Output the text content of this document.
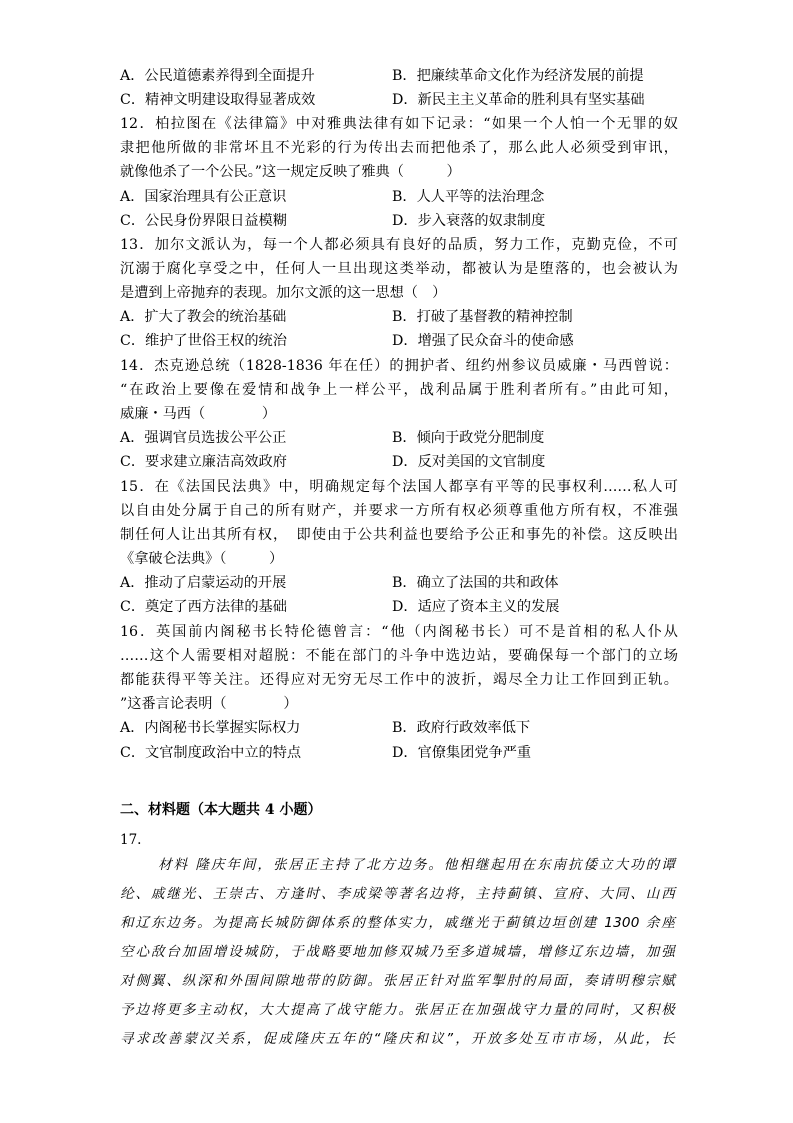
A．公民道德素养得到全面提升	B．把廉续革命文化作为经济发展的前提
C．精神文明建设取得显著成效	D．新民主主义革命的胜利具有坚实基础
12．柏拉图在《法律篇》中对雅典法律有如下记录：“如果一个人怕一个无罪的奴
隶把他所做的非常坏且不光彩的行为传出去而把他杀了，那么此人必须受到审讯，
就像他杀了一个公民。”这一规定反映了雅典（　　　）
A．国家治理具有公正意识	B．人人平等的法治理念
C．公民身份界限日益模糊	D．步入衰落的奴隶制度
13．加尔文派认为，每一个人都必须具有良好的品质，努力工作，克勤克俭，不可
沉溺于腐化享受之中，任何人一旦出现这类举动，都被认为是堕落的，也会被认为
是遭到上帝抛弃的表现。加尔文派的这一思想（　）
A．扩大了教会的统治基础	B．打破了基督教的精神控制
C．维护了世俗王权的统治	D．增强了民众奋斗的使命感
14．杰克逊总统（1828-1836 年在任）的拥护者、纽约州参议员威廉・马西曾说：
“在政治上要像在爱情和战争上一样公平，战利品属于胜利者所有。”由此可知，
威廉・马西（　　　　）
A．强调官员选拔公平公正	B．倾向于政党分肥制度
C．要求建立廉洁高效政府	D．反对美国的文官制度
15．在《法国民法典》中，明确规定每个法国人都享有平等的民事权利……私人可
以自由处分属于自己的所有财产，并要求一方所有权必须尊重他方所有权，不准强
制任何人让出其所有权，　即使由于公共利益也要给予公正和事先的补偿。这反映出
《拿破仑法典》（　　　）
A．推动了启蒙运动的开展	B．确立了法国的共和政体
C．奠定了西方法律的基础	D．适应了资本主义的发展
16．英国前内阁秘书长特伦德曾言：“他（内阁秘书长）可不是首相的私人仆从
……这个人需要相对超脱：不能在部门的斗争中选边站，要确保每一个部门的立场
都能获得平等关注。还得应对无穷无尽工作中的波折，竭尽全力让工作回到正轨。
”这番言论表明（　　　　）
A．内阁秘书长掌握实际权力	B．政府行政效率低下
C．文官制度政治中立的特点	D．官僚集团党争严重
二、材料题（本大题共 4 小题）
17.
材料 隆庆年间，张居正主持了北方边务。他相继起用在东南抗倭立大功的谭
纶、戚继光、王崇古、方逢时、李成梁等著名边将，主持蓟镇、宣府、大同、山西
和辽东边务。为提高长城防御体系的整体实力，戚继光于蓟镇边垣创建 1300 余座
空心敌台加固增设城防，于战略要地加修双城乃至多道城墙，增修辽东边墙，加强
对侧翼、纵深和外围间隙地带的防御。张居正针对监军掣肘的局面，奏请明穆宗赋
予边将更多主动权，大大提高了战守能力。张居正在加强战守力量的同时，又积极
寻求改善蒙汉关系，促成隆庆五年的“隆庆和议”，开放多处互市市场，从此，长
